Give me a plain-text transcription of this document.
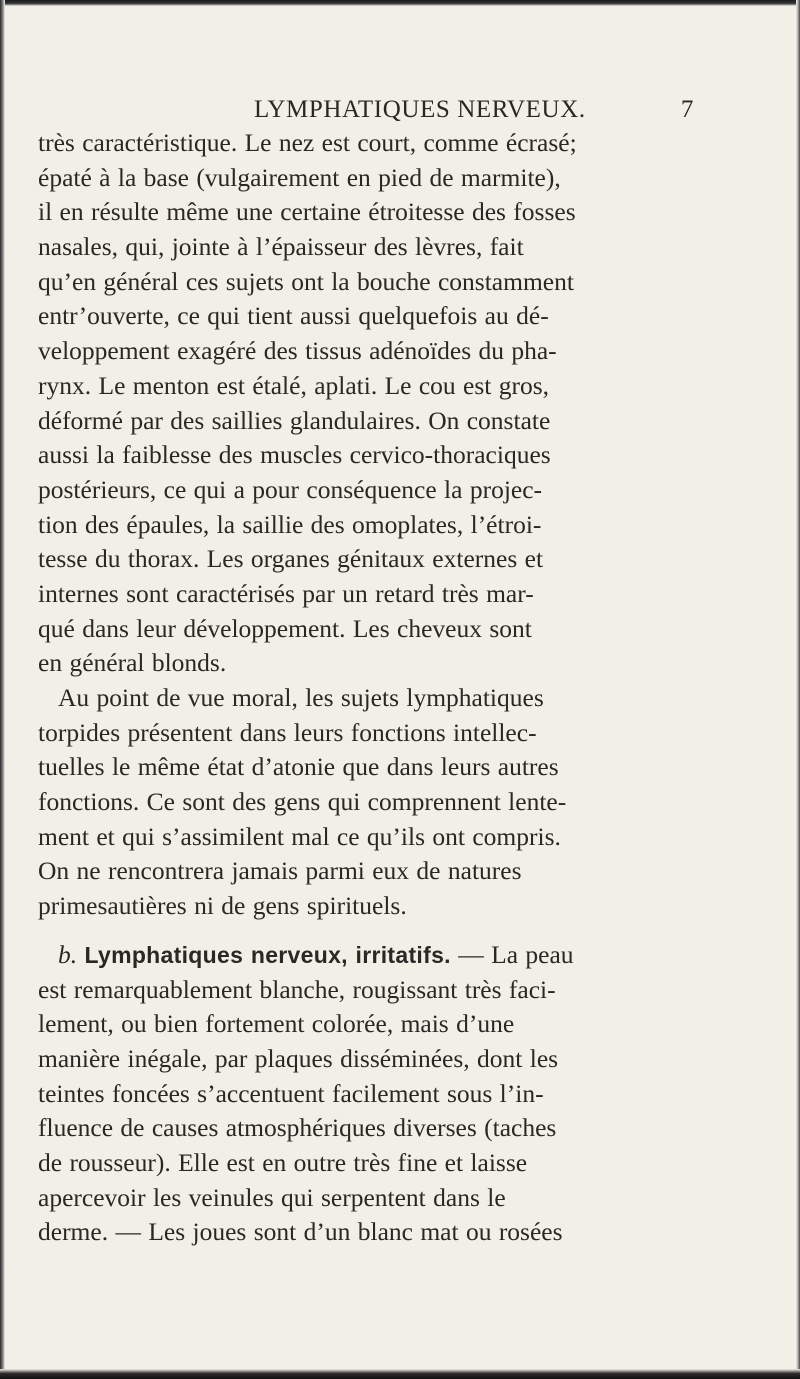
LYMPHATIQUES NERVEUX.	7
très caractéristique. Le nez est court, comme écrasé;
épaté à la base (vulgairement en pied de marmite),
il en résulte même une certaine étroitesse des fosses
nasales, qui, jointe à l’épaisseur des lèvres, fait
qu’en général ces sujets ont la bouche constamment
entr’ouverte, ce qui tient aussi quelquefois au dé-
veloppement exagéré des tissus adénoïdes du pha-
rynx. Le menton est étalé, aplati. Le cou est gros,
déformé par des saillies glandulaires. On constate
aussi la faiblesse des muscles cervico-thoraciques
postérieurs, ce qui a pour conséquence la projec-
tion des épaules, la saillie des omoplates, l’étroi-
tesse du thorax. Les organes génitaux externes et
internes sont caractérisés par un retard très mar-
qué dans leur développement. Les cheveux sont
en général blonds.
Au point de vue moral, les sujets lymphatiques
torpides présentent dans leurs fonctions intellec-
tuelles le même état d’atonie que dans leurs autres
fonctions. Ce sont des gens qui comprennent lente-
ment et qui s’assimilent mal ce qu’ils ont compris.
On ne rencontrera jamais parmi eux de natures
primesautières ni de gens spirituels.
b. Lymphatiques nerveux, irritatifs. — La peau
est remarquablement blanche, rougissant très faci-
lement, ou bien fortement colorée, mais d’une
manière inégale, par plaques disséminées, dont les
teintes foncées s’accentuent facilement sous l’in-
fluence de causes atmosphériques diverses (taches
de rousseur). Elle est en outre très fine et laisse
apercevoir les veinules qui serpentent dans le
derme. — Les joues sont d’un blanc mat ou rosées
